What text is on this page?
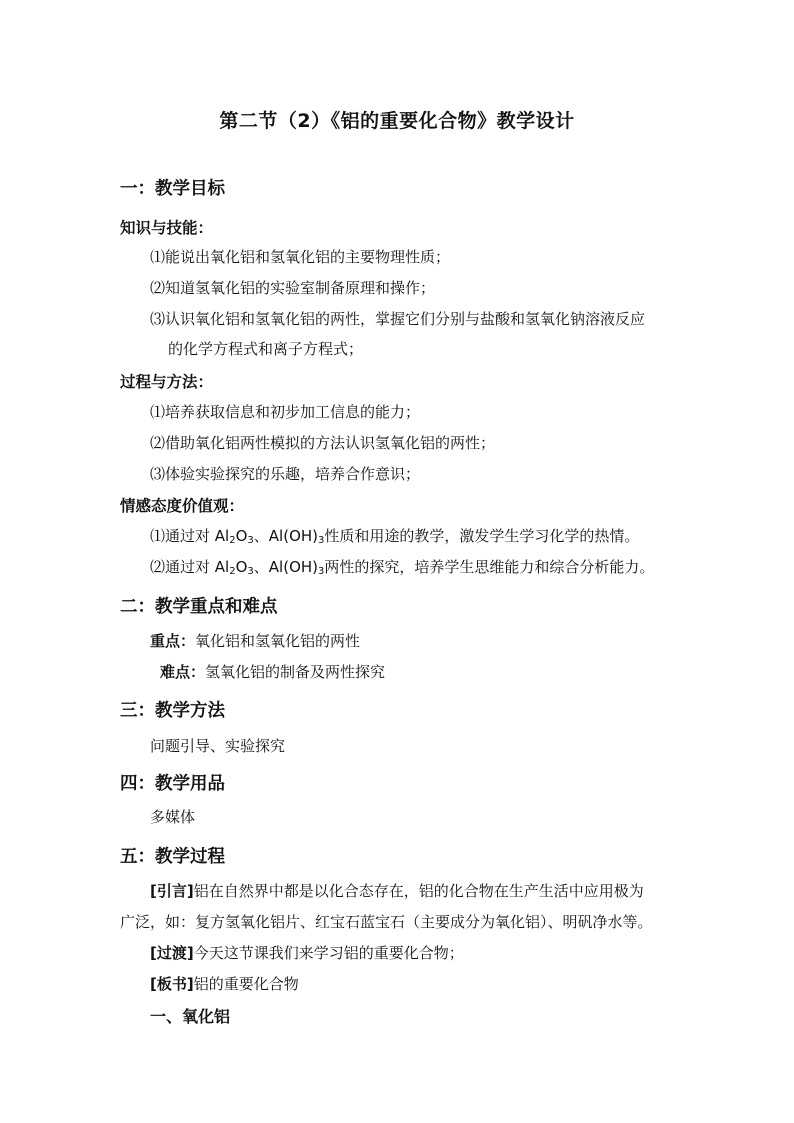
第二节（2）《铝的重要化合物》教学设计
一：教学目标
知识与技能：
⑴能说出氧化铝和氢氧化铝的主要物理性质；
⑵知道氢氧化铝的实验室制备原理和操作；
⑶认识氧化铝和氢氧化铝的两性，掌握它们分别与盐酸和氢氧化钠溶液反应
的化学方程式和离子方程式；
过程与方法：
⑴培养获取信息和初步加工信息的能力；
⑵借助氧化铝两性模拟的方法认识氢氧化铝的两性；
⑶体验实验探究的乐趣，培养合作意识；
情感态度价值观：
⑴通过对 $Al_2O_3$、$Al(OH)_3$性质和用途的教学，激发学生学习化学的热情。
⑵通过对 $Al_2O_3$、$Al(OH)_3$两性的探究，培养学生思维能力和综合分析能力。
二：教学重点和难点
重点：氧化铝和氢氧化铝的两性
难点：氢氧化铝的制备及两性探究
三：教学方法
问题引导、实验探究
四：教学用品
多媒体
五：教学过程
[引言]铝在自然界中都是以化合态存在，铝的化合物在生产生活中应用极为
广泛，如：复方氢氧化铝片、红宝石蓝宝石（主要成分为氧化铝）、明矾净水等。
[过渡]今天这节课我们来学习铝的重要化合物；
[板书]铝的重要化合物
一、氧化铝
